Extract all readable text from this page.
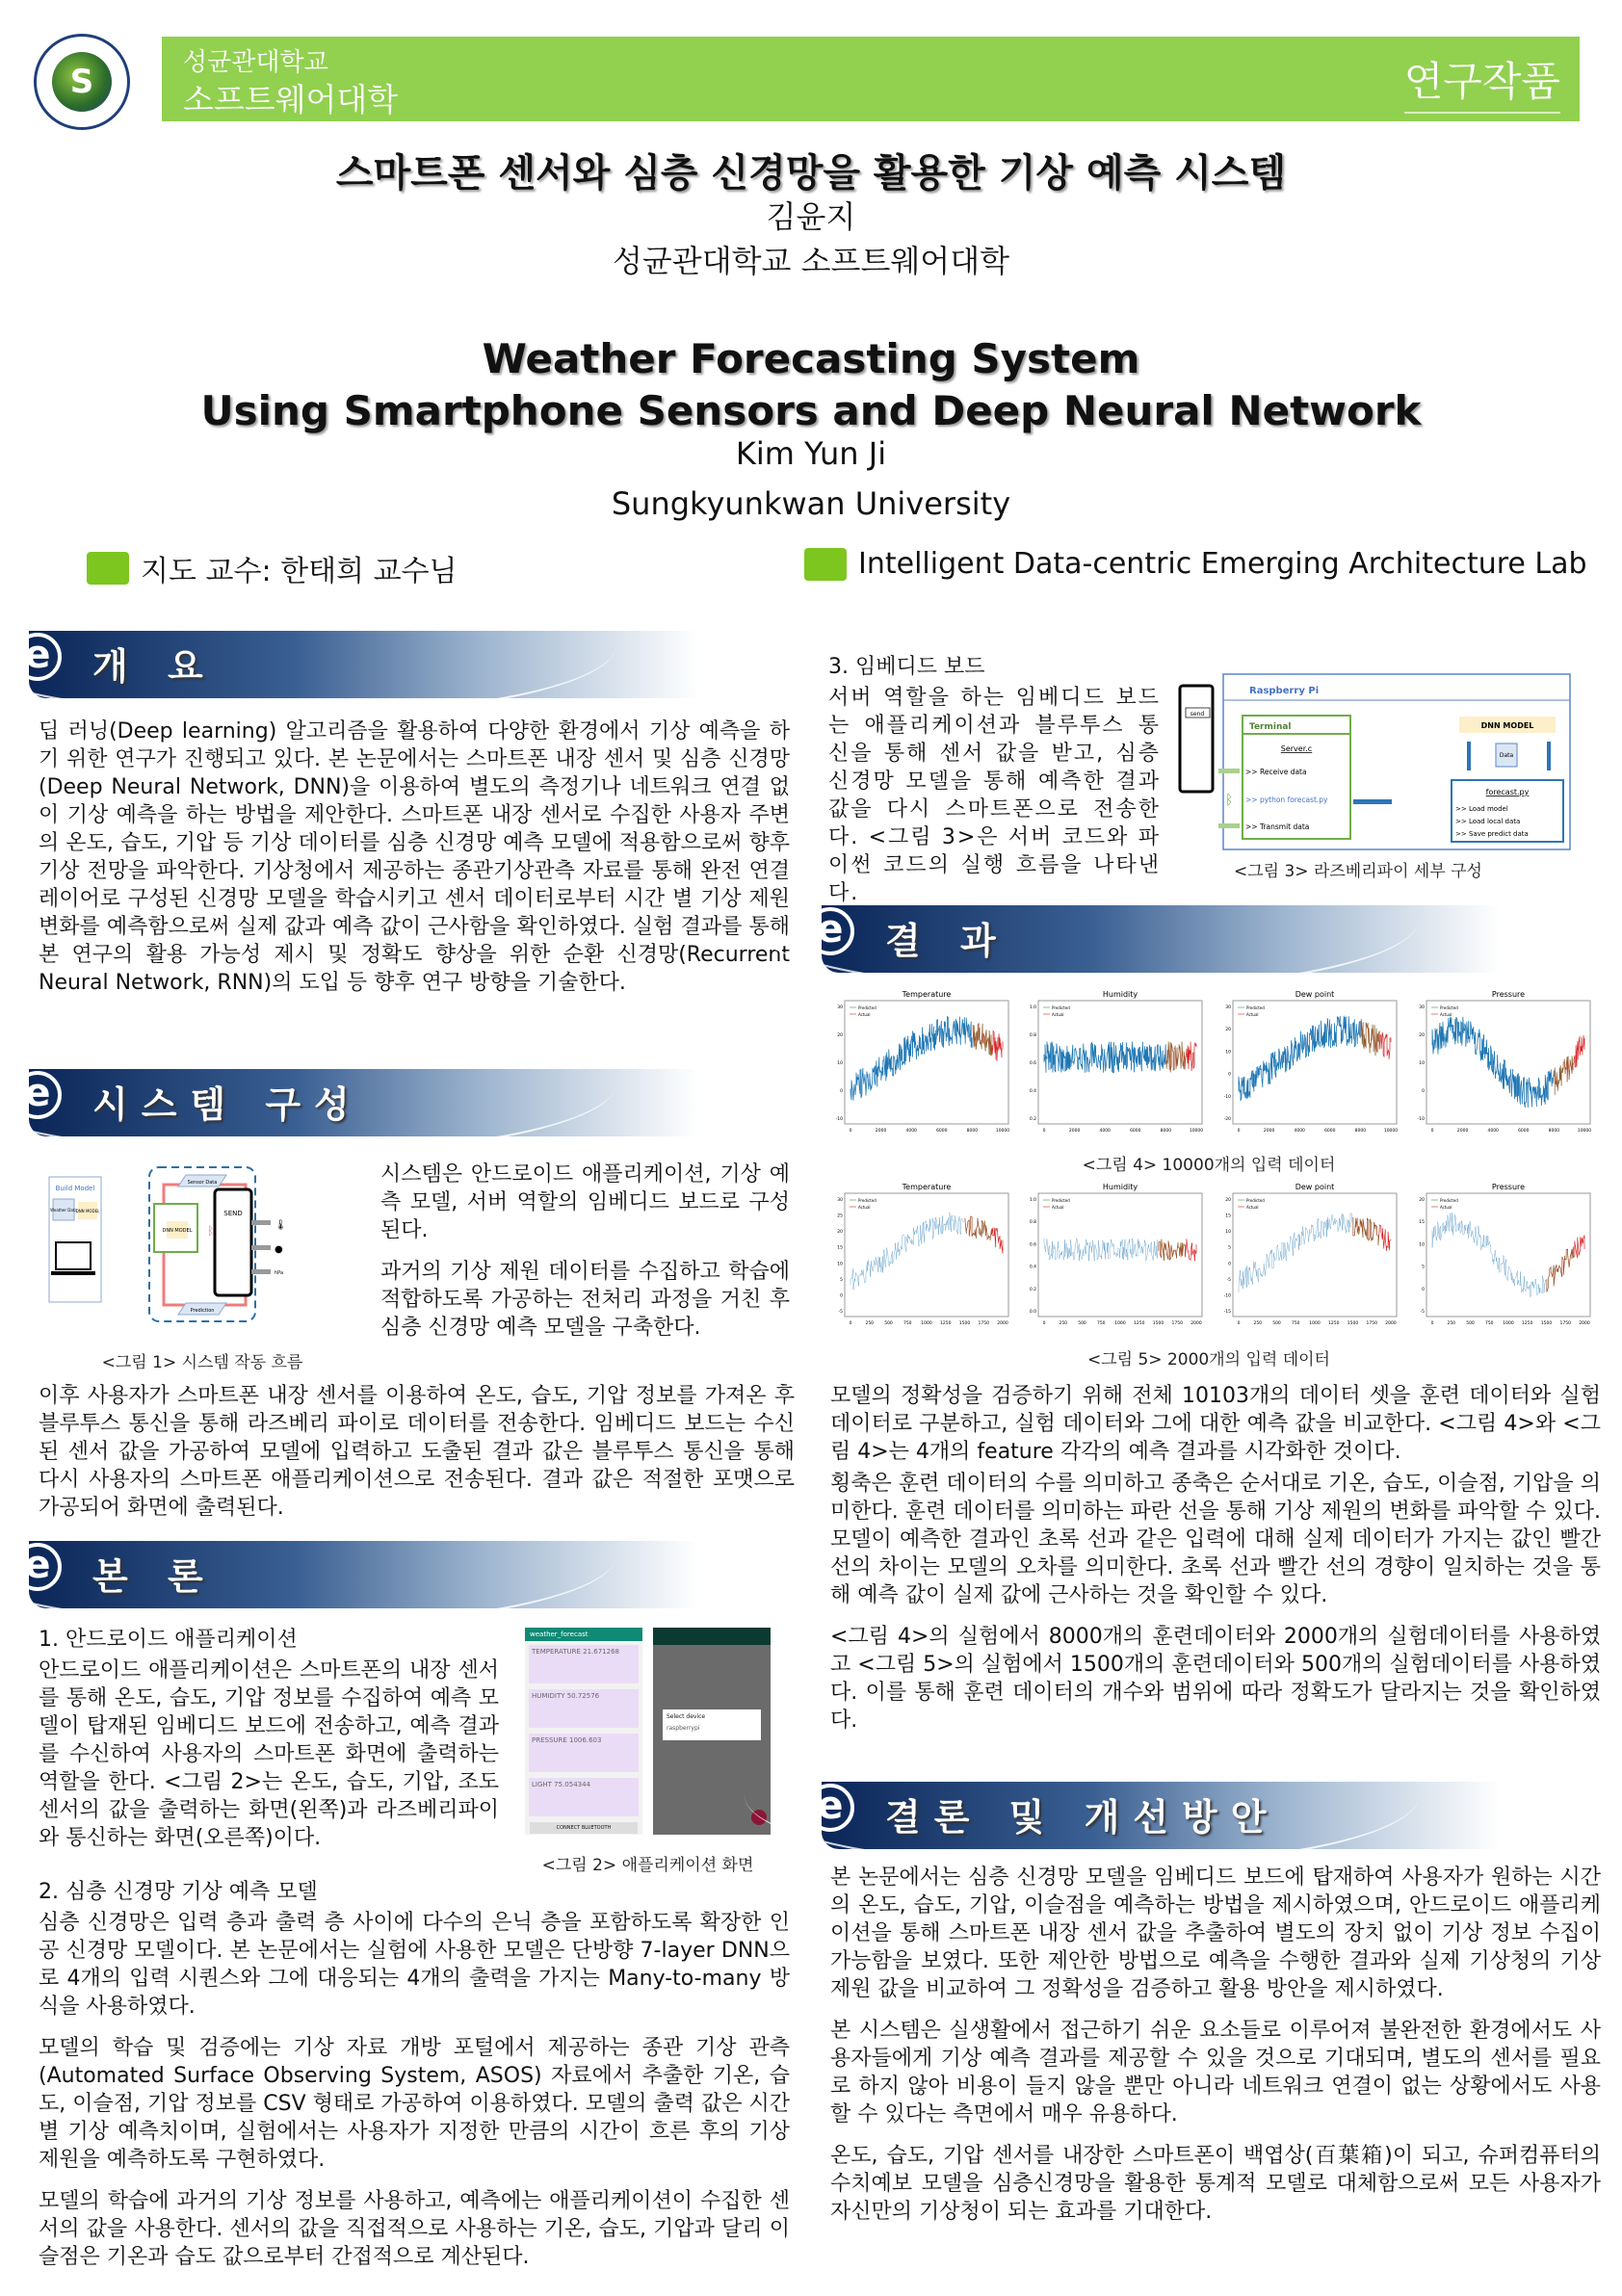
S	성균관대학교
소프트웨어대학	연구작품
스마트폰 센서와 심층 신경망을 활용한 기상 예측 시스템
김윤지
성균관대학교 소프트웨어대학
Weather Forecasting System
Using Smartphone Sensors and Deep Neural Network
Kim Yun Ji
Sungkyunkwan University
지도 교수: 한태희 교수님	Intelligent Data-centric Emerging Architecture Lab
e	개 요
딥 러닝(Deep learning) 알고리즘을 활용하여 다양한 환경에서 기상 예측을 하기 위한 연구가 진행되고 있다. 본 논문에서는 스마트폰 내장 센서 및 심층 신경망(Deep Neural Network, DNN)을 이용하여 별도의 측정기나 네트워크 연결 없이 기상 예측을 하는 방법을 제안한다. 스마트폰 내장 센서로 수집한 사용자 주변의 온도, 습도, 기압 등 기상 데이터를 심층 신경망 예측 모델에 적용함으로써 향후 기상 전망을 파악한다. 기상청에서 제공하는 종관기상관측 자료를 통해 완전 연결 레이어로 구성된 신경망 모델을 학습시키고 센서 데이터로부터 시간 별 기상 제원 변화를 예측함으로써 실제 값과 예측 값이 근사함을 확인하였다. 실험 결과를 통해 본 연구의 활용 가능성 제시 및 정확도 향상을 위한 순환 신경망(Recurrent Neural Network, RNN)의 도입 등 향후 연구 방향을 기술한다.
e	시스템 구성
Build Model
Weather Data
DNN MODEL
DNN MODEL
Sensor Data
Prediction
SEND
ᛒ	🌡
●
hPa
<그림 1> 시스템 작동 흐름

시스템은 안드로이드 애플리케이션, 기상 예측 모델, 서버 역할의 임베디드 보드로 구성된다.

과거의 기상 제원 데이터를 수집하고 학습에 적합하도록 가공하는 전처리 과정을 거친 후 심층 신경망 예측 모델을 구축한다.

이후 사용자가 스마트폰 내장 센서를 이용하여 온도, 습도, 기압 정보를 가져온 후 블루투스 통신을 통해 라즈베리 파이로 데이터를 전송한다. 임베디드 보드는 수신된 센서 값을 가공하여 모델에 입력하고 도출된 결과 값은 블루투스 통신을 통해 다시 사용자의 스마트폰 애플리케이션으로 전송된다. 결과 값은 적절한 포맷으로 가공되어 화면에 출력된다.
e	본 론
1. 안드로이드 애플리케이션
안드로이드 애플리케이션은 스마트폰의 내장 센서를 통해 온도, 습도, 기압 정보를 수집하여 예측 모델이 탑재된 임베디드 보드에 전송하고, 예측 결과를 수신하여 사용자의 스마트폰 화면에 출력하는 역할을 한다. <그림 2>는 온도, 습도, 기압, 조도 센서의 값을 출력하는 화면(왼쪽)과 라즈베리파이와 통신하는 화면(오른쪽)이다.
weather_forecast
TEMPERATURE 21.671268
HUMIDITY 50.72576
PRESSURE 1006.603
LIGHT 75.054344
CONNECT BLUETOOTH
Select device
raspberrypi
<그림 2> 애플리케이션 화면
2. 심층 신경망 기상 예측 모델

심층 신경망은 입력 층과 출력 층 사이에 다수의 은닉 층을 포함하도록 확장한 인공 신경망 모델이다. 본 논문에서는 실험에 사용한 모델은 단방향 7-layer DNN으로 4개의 입력 시퀀스와 그에 대응되는 4개의 출력을 가지는 Many-to-many 방식을 사용하였다.

모델의 학습 및 검증에는 기상 자료 개방 포털에서 제공하는 종관 기상 관측(Automated Surface Observing System, ASOS) 자료에서 추출한 기온, 습도, 이슬점, 기압 정보를 CSV 형태로 가공하여 이용하였다. 모델의 출력 값은 시간 별 기상 예측치이며, 실험에서는 사용자가 지정한 만큼의 시간이 흐른 후의 기상 제원을 예측하도록 구현하였다.

모델의 학습에 과거의 기상 정보를 사용하고, 예측에는 애플리케이션이 수집한 센서의 값을 사용한다. 센서의 값을 직접적으로 사용하는 기온, 습도, 기압과 달리 이슬점은 기온과 습도 값으로부터 간접적으로 계산된다.

3. 임베디드 보드
서버 역할을 하는 임베디드 보드는 애플리케이션과 블루투스 통신을 통해 센서 값을 받고, 심층 신경망 모델을 통해 예측한 결과 값을 다시 스마트폰으로 전송한다. <그림 3>은 서버 코드와 파이썬 코드의 실행 흐름을 나타낸다.
send
Raspberry Pi
Terminal
Server.c
>> Receive data
>> python forecast.py
>> Transmit data
ᛒ
DNN MODEL
Data
forecast.py
>> Load model
>> Load local data
>> Save predict data
<그림 3> 라즈베리파이 세부 구성
e	결 과
Temperature
-10
0
10
20
30
0	2000	4000	6000	8000	10000
Predicted
Actual
Humidity
0.2
0.4
0.6
0.8
1.0
0	2000	4000	6000	8000	10000
Predicted
Actual
Dew point
-20
-10
0
10
20
30
0	2000	4000	6000	8000	10000
Predicted
Actual
Pressure
-10
0
10
20
30
0	2000	4000	6000	8000	10000
Predicted
Actual
<그림 4> 10000개의 입력 데이터
Temperature
-5
0
5
10
15
20
25
30
0	250 500 750 1000 1250 1500 1750 2000
Predicted
Actual
Humidity
0.0
0.2
0.4
0.6
0.8
1.0
0	250 500 750 1000 1250 1500 1750 2000
Predicted
Actual
Dew point
-15
-10
-5
0
5
10
15
20
0	250 500 750 1000 1250 1500 1750 2000
Predicted
Actual
Pressure
-5
0
5
10
15
20
0	250 500 750 1000 1250 1500 1750 2000
Predicted
Actual
<그림 5> 2000개의 입력 데이터

모델의 정확성을 검증하기 위해 전체 10103개의 데이터 셋을 훈련 데이터와 실험 데이터로 구분하고, 실험 데이터와 그에 대한 예측 값을 비교한다. <그림 4>와 <그림 4>는 4개의 feature 각각의 예측 결과를 시각화한 것이다.

횡축은 훈련 데이터의 수를 의미하고 종축은 순서대로 기온, 습도, 이슬점, 기압을 의미한다. 훈련 데이터를 의미하는 파란 선을 통해 기상 제원의 변화를 파악할 수 있다. 모델이 예측한 결과인 초록 선과 같은 입력에 대해 실제 데이터가 가지는 값인 빨간 선의 차이는 모델의 오차를 의미한다. 초록 선과 빨간 선의 경향이 일치하는 것을 통해 예측 값이 실제 값에 근사하는 것을 확인할 수 있다.

<그림 4>의 실험에서 8000개의 훈련데이터와 2000개의 실험데이터를 사용하였고 <그림 5>의 실험에서 1500개의 훈련데이터와 500개의 실험데이터를 사용하였다. 이를 통해 훈련 데이터의 개수와 범위에 따라 정확도가 달라지는 것을 확인하였다.

e	결론 및 개선방안

본 논문에서는 심층 신경망 모델을 임베디드 보드에 탑재하여 사용자가 원하는 시간의 온도, 습도, 기압, 이슬점을 예측하는 방법을 제시하였으며, 안드로이드 애플리케이션을 통해 스마트폰 내장 센서 값을 추출하여 별도의 장치 없이 기상 정보 수집이 가능함을 보였다. 또한 제안한 방법으로 예측을 수행한 결과와 실제 기상청의 기상 제원 값을 비교하여 그 정확성을 검증하고 활용 방안을 제시하였다.

본 시스템은 실생활에서 접근하기 쉬운 요소들로 이루어져 불완전한 환경에서도 사용자들에게 기상 예측 결과를 제공할 수 있을 것으로 기대되며, 별도의 센서를 필요로 하지 않아 비용이 들지 않을 뿐만 아니라 네트워크 연결이 없는 상황에서도 사용할 수 있다는 측면에서 매우 유용하다.

온도, 습도, 기압 센서를 내장한 스마트폰이 백엽상(百葉箱)이 되고, 슈퍼컴퓨터의 수치예보 모델을 심층신경망을 활용한 통계적 모델로 대체함으로써 모든 사용자가 자신만의 기상청이 되는 효과를 기대한다.
